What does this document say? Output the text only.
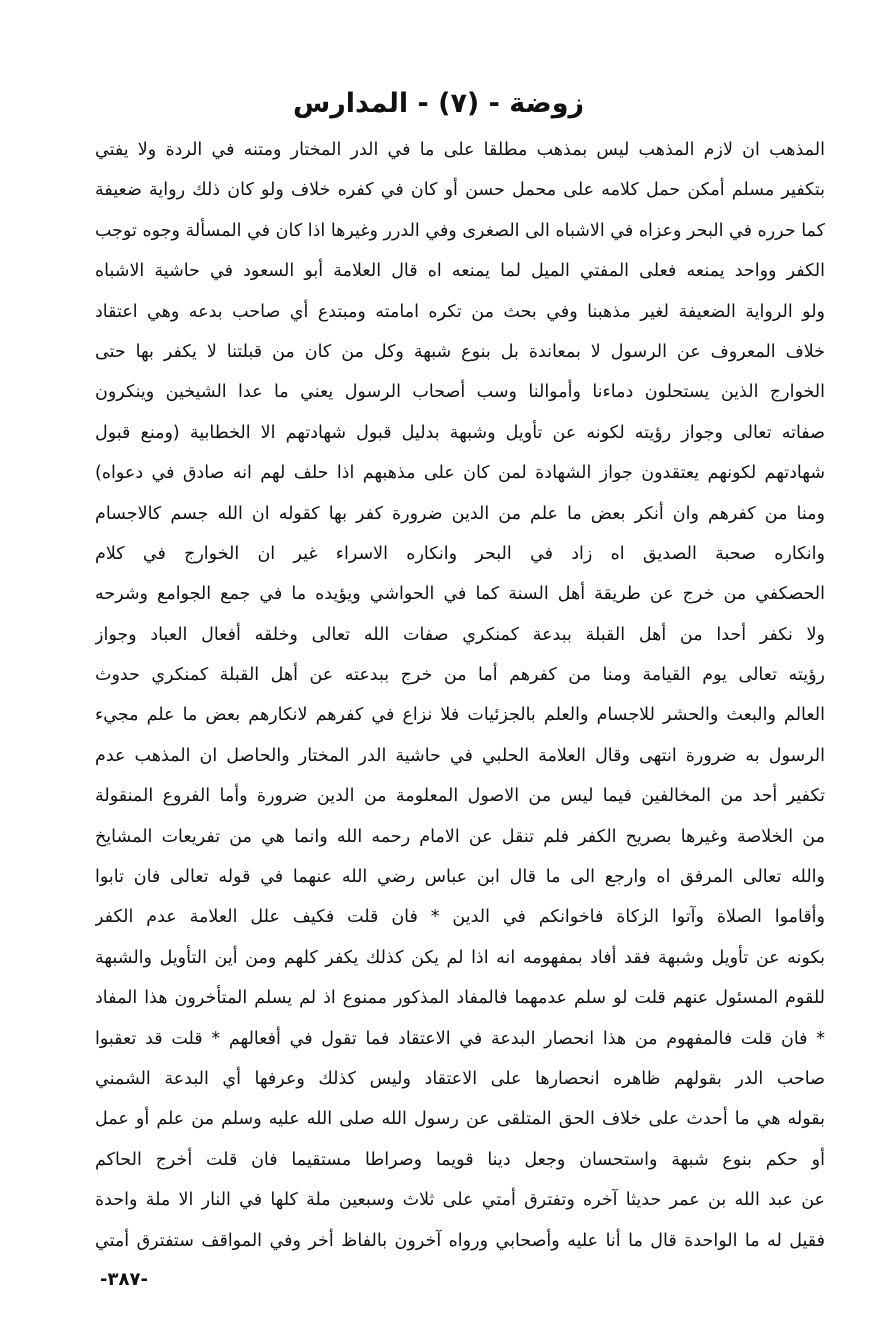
زوضة - (٧) - المدارس
المذهب ان لازم المذهب ليس بمذهب مطلقا على ما في الدر المختار ومتنه في الردة ولا يفتي
بتكفير مسلم أمكن حمل كلامه على محمل حسن أو كان في كفره خلاف ولو كان ذلك رواية ضعيفة
كما حرره في البحر وعزاه في الاشباه الى الصغرى وفي الدرر وغيرها اذا كان في المسألة وجوه توجب
الكفر وواحد يمنعه فعلى المفتي الميل لما يمنعه اه قال العلامة أبو السعود في حاشية الاشباه
ولو الرواية الضعيفة لغير مذهبنا وفي بحث من تكره امامته ومبتدع أي صاحب بدعه وهي اعتقاد
خلاف المعروف عن الرسول لا بمعاندة بل بنوع شبهة وكل من كان من قبلتنا لا يكفر بها حتى
الخوارج الذين يستحلون دماءنا وأموالنا وسب أصحاب الرسول يعني ما عدا الشيخين وينكرون
صفاته تعالى وجواز رؤيته لكونه عن تأويل وشبهة بدليل قبول شهادتهم الا الخطابية (ومنع قبول
شهادتهم لكونهم يعتقدون جواز الشهادة لمن كان على مذهبهم اذا حلف لهم انه صادق في دعواه)
ومنا من كفرهم وان أنكر بعض ما علم من الدين ضرورة كفر بها كقوله ان الله جسم كالاجسام
وانكاره صحبة الصديق اه زاد في البحر وانكاره الاسراء غير ان الخوارج في كلام
الحصكفي من خرج عن طريقة أهل السنة كما في الحواشي ويؤيده ما في جمع الجوامع وشرحه
ولا نكفر أحدا من أهل القبلة ببدعة كمنكري صفات الله تعالى وخلقه أفعال العباد وجواز
رؤيته تعالى يوم القيامة ومنا من كفرهم أما من خرج ببدعته عن أهل القبلة كمنكري حدوث
العالم والبعث والحشر للاجسام والعلم بالجزئيات فلا نزاع في كفرهم لانكارهم بعض ما علم مجيء
الرسول به ضرورة انتهى وقال العلامة الحلبي في حاشية الدر المختار والحاصل ان المذهب عدم
تكفير أحد من المخالفين فيما ليس من الاصول المعلومة من الدين ضرورة وأما الفروع المنقولة
من الخلاصة وغيرها بصريح الكفر فلم تنقل عن الامام رحمه الله وانما هي من تفريعات المشايخ
والله تعالى المرفق اه وارجع الى ما قال ابن عباس رضي الله عنهما في قوله تعالى فان تابوا
وأقاموا الصلاة وآتوا الزكاة فاخوانكم في الدين * فان قلت فكيف علل العلامة عدم الكفر
بكونه عن تأويل وشبهة فقد أفاد بمفهومه انه اذا لم يكن كذلك يكفر كلهم ومن أين التأويل والشبهة
للقوم المسئول عنهم قلت لو سلم عدمهما فالمفاد المذكور ممنوع اذ لم يسلم المتأخرون هذا المفاد
* فان قلت فالمفهوم من هذا انحصار البدعة في الاعتقاد فما تقول في أفعالهم * قلت قد تعقبوا
صاحب الدر بقولهم ظاهره انحصارها على الاعتقاد وليس كذلك وعرفها أي البدعة الشمني
بقوله هي ما أحدث على خلاف الحق المتلقى عن رسول الله صلى الله عليه وسلم من علم أو عمل
أو حكم بنوع شبهة واستحسان وجعل دينا قويما وصراطا مستقيما فان قلت أخرج الحاكم
عن عبد الله بن عمر حديثا آخره وتفترق أمتي على ثلاث وسبعين ملة كلها في النار الا ملة واحدة
فقيل له ما الواحدة قال ما أنا عليه وأصحابي ورواه آخرون بالفاظ أخر وفي المواقف ستفترق أمتي
-٣٨٧-
